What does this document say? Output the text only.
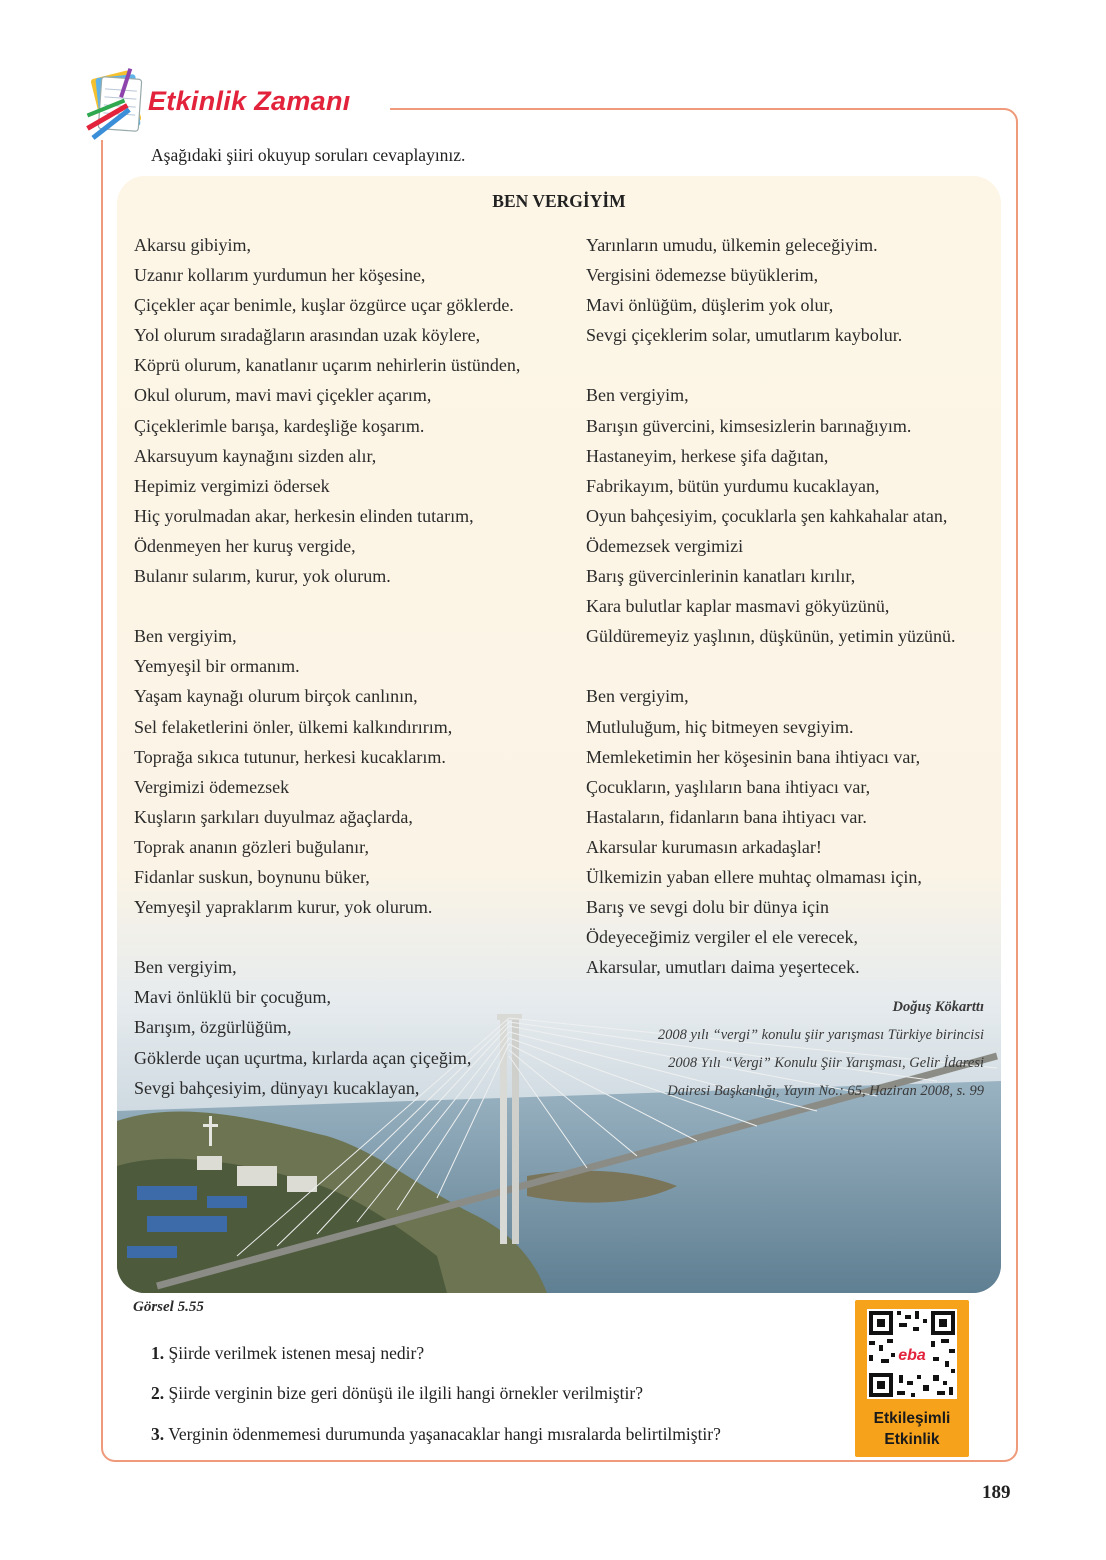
Etkinlik Zamanı
Aşağıdaki şiiri okuyup soruları cevaplayınız.
BEN VERGİYİM
Akarsu gibiyim,
Uzanır kollarım yurdumun her köşesine,
Çiçekler açar benimle, kuşlar özgürce uçar göklerde.
Yol olurum sıradağların arasından uzak köylere,
Köprü olurum, kanatlanır uçarım nehirlerin üstünden,
Okul olurum, mavi mavi çiçekler açarım,
Çiçeklerimle barışa, kardeşliğe koşarım.
Akarsuyum kaynağını sizden alır,
Hepimiz vergimizi ödersek
Hiç yorulmadan akar, herkesin elinden tutarım,
Ödenmeyen her kuruş vergide,
Bulanır sularım, kurur, yok olurum.
Ben vergiyim,
Yemyeşil bir ormanım.
Yaşam kaynağı olurum birçok canlının,
Sel felaketlerini önler, ülkemi kalkındırırım,
Toprağa sıkıca tutunur, herkesi kucaklarım.
Vergimizi ödemezsek
Kuşların şarkıları duyulmaz ağaçlarda,
Toprak ananın gözleri buğulanır,
Fidanlar suskun, boynunu büker,
Yemyeşil yapraklarım kurur, yok olurum.
Ben vergiyim,
Mavi önlüklü bir çocuğum,
Barışım, özgürlüğüm,
Göklerde uçan uçurtma, kırlarda açan çiçeğim,
Sevgi bahçesiyim, dünyayı kucaklayan,
Yarınların umudu, ülkemin geleceğiyim.
Vergisini ödemezse büyüklerim,
Mavi önlüğüm, düşlerim yok olur,
Sevgi çiçeklerim solar, umutlarım kaybolur.
Ben vergiyim,
Barışın güvercini, kimsesizlerin barınağıyım.
Hastaneyim, herkese şifa dağıtan,
Fabrikayım, bütün yurdumu kucaklayan,
Oyun bahçesiyim, çocuklarla şen kahkahalar atan,
Ödemezsek vergimizi
Barış güvercinlerinin kanatları kırılır,
Kara bulutlar kaplar masmavi gökyüzünü,
Güldüremeyiz yaşlının, düşkünün, yetimin yüzünü.
Ben vergiyim,
Mutluluğum, hiç bitmeyen sevgiyim.
Memleketimin her köşesinin bana ihtiyacı var,
Çocukların, yaşlıların bana ihtiyacı var,
Hastaların, fidanların bana ihtiyacı var.
Akarsular kurumasın arkadaşlar!
Ülkemizin yaban ellere muhtaç olmaması için,
Barış ve sevgi dolu bir dünya için
Ödeyeceğimiz vergiler el ele verecek,
Akarsular, umutları daima yeşertecek.
Doğuş Kökarttı
2008 yılı “vergi” konulu şiir yarışması Türkiye birincisi
2008 Yılı “Vergi” Konulu Şiir Yarışması, Gelir İdaresi
Dairesi Başkanlığı, Yayın No.: 65, Haziran 2008, s. 99
Görsel 5.55
1. Şiirde verilmek istenen mesaj nedir?
2. Şiirde verginin bize geri dönüşü ile ilgili hangi örnekler verilmiştir?
3. Verginin ödenmemesi durumunda yaşanacaklar hangi mısralarda belirtilmiştir?
eba
Etkileşimli
Etkinlik
189
